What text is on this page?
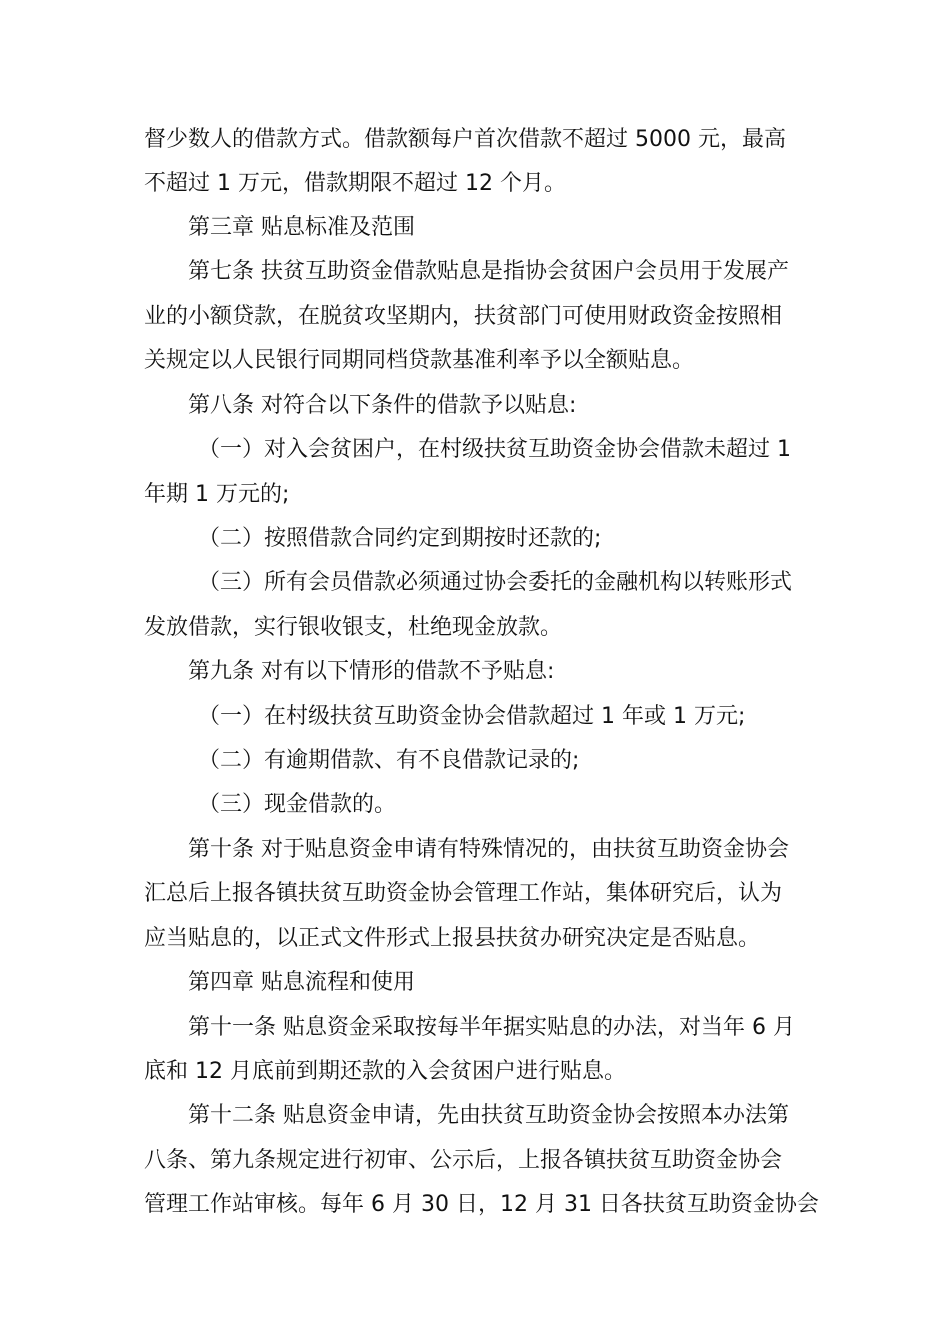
督少数人的借款方式。借款额每户首次借款不超过 5000 元，最高
不超过 1 万元，借款期限不超过 12 个月。
第三章 贴息标准及范围
第七条 扶贫互助资金借款贴息是指协会贫困户会员用于发展产
业的小额贷款，在脱贫攻坚期内，扶贫部门可使用财政资金按照相
关规定以人民银行同期同档贷款基准利率予以全额贴息。
第八条 对符合以下条件的借款予以贴息:
（一）对入会贫困户，在村级扶贫互助资金协会借款未超过 1
年期 1 万元的;
（二）按照借款合同约定到期按时还款的;
（三）所有会员借款必须通过协会委托的金融机构以转账形式
发放借款，实行银收银支，杜绝现金放款。
第九条 对有以下情形的借款不予贴息:
（一）在村级扶贫互助资金协会借款超过 1 年或 1 万元;
（二）有逾期借款、有不良借款记录的;
（三）现金借款的。
第十条 对于贴息资金申请有特殊情况的，由扶贫互助资金协会
汇总后上报各镇扶贫互助资金协会管理工作站，集体研究后，认为
应当贴息的，以正式文件形式上报县扶贫办研究决定是否贴息。
第四章 贴息流程和使用
第十一条 贴息资金采取按每半年据实贴息的办法，对当年 6 月
底和 12 月底前到期还款的入会贫困户进行贴息。
第十二条 贴息资金申请，先由扶贫互助资金协会按照本办法第
八条、第九条规定进行初审、公示后，上报各镇扶贫互助资金协会
管理工作站审核。每年 6 月 30 日，12 月 31 日各扶贫互助资金协会
